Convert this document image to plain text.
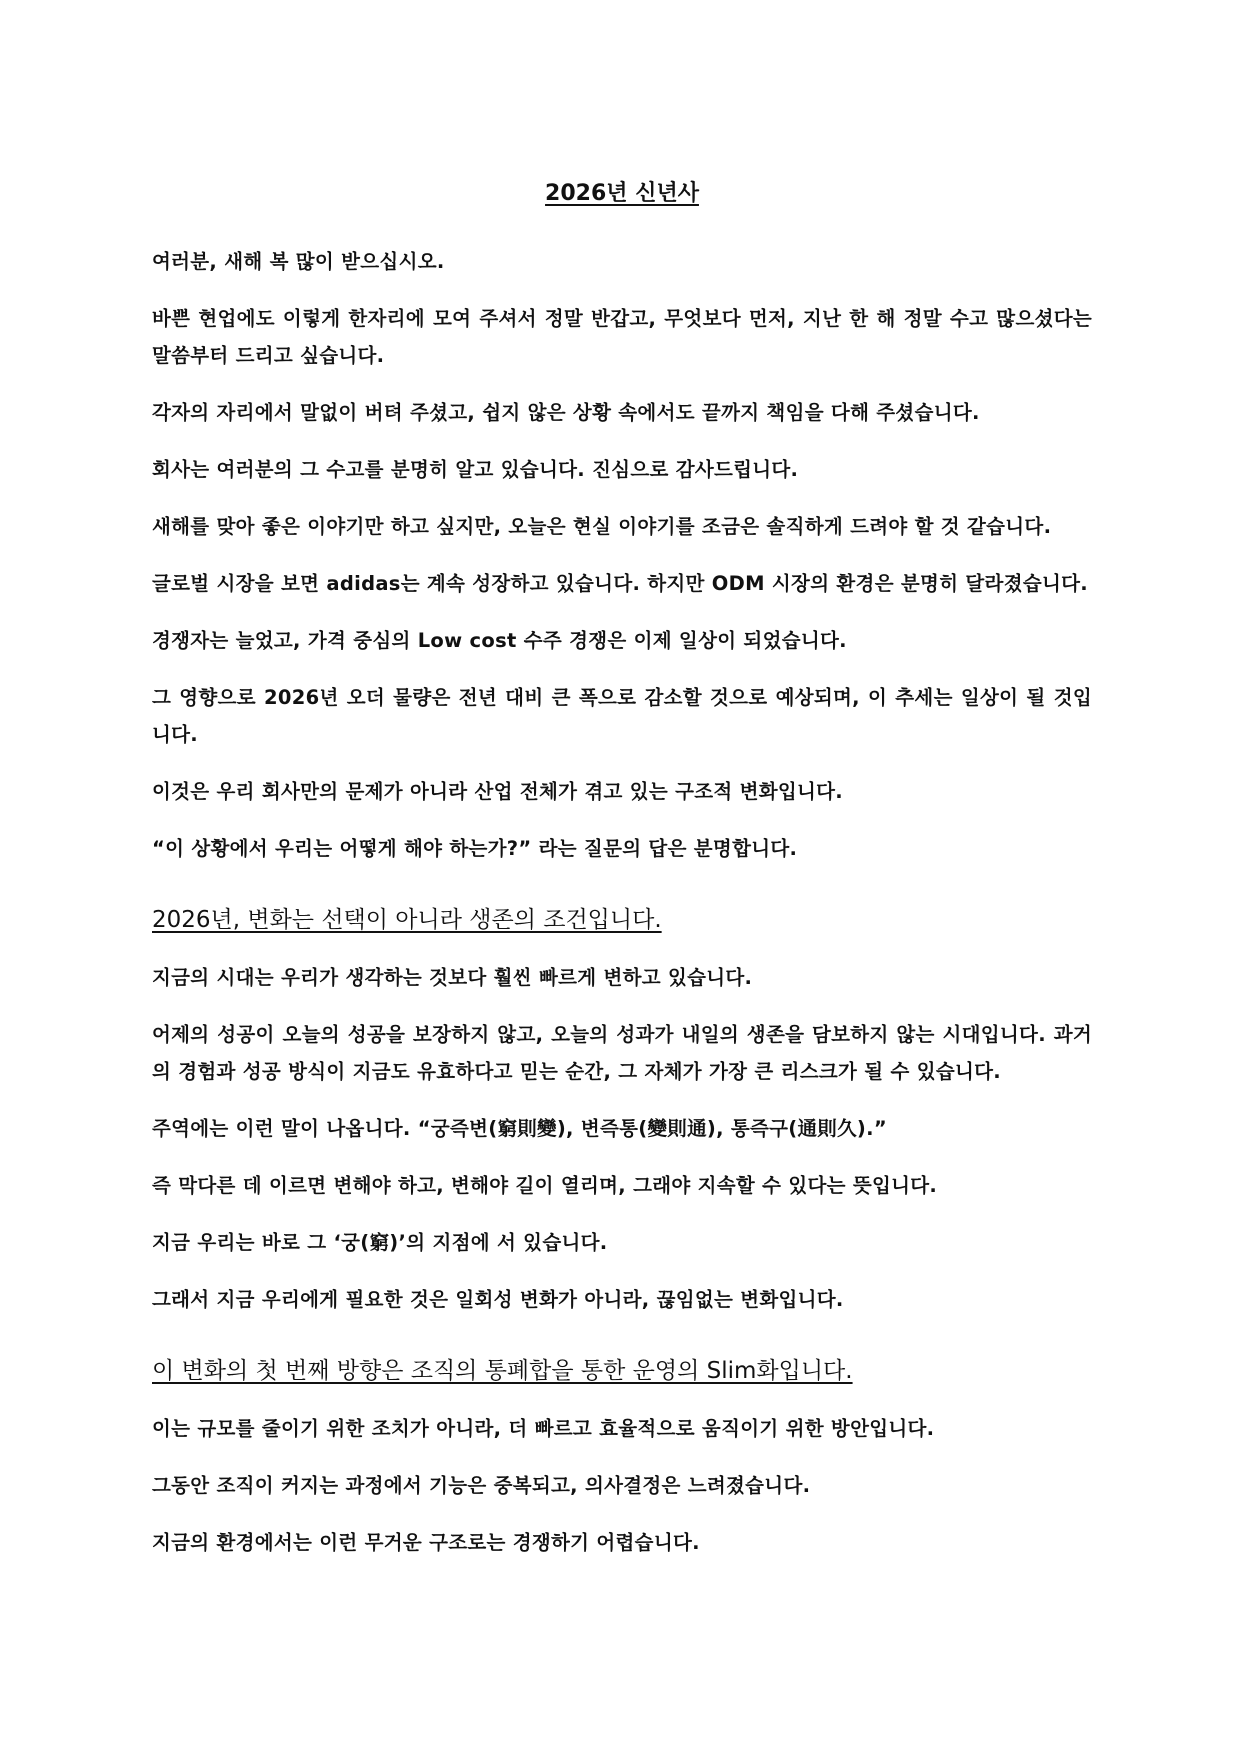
2026년 신년사

여러분, 새해 복 많이 받으십시오.

바쁜 현업에도 이렇게 한자리에 모여 주셔서 정말 반갑고, 무엇보다 먼저, 지난 한 해 정말 수고 많으셨다는 말씀부터 드리고 싶습니다.

각자의 자리에서 말없이 버텨 주셨고, 쉽지 않은 상황 속에서도 끝까지 책임을 다해 주셨습니다.

회사는 여러분의 그 수고를 분명히 알고 있습니다. 진심으로 감사드립니다.

새해를 맞아 좋은 이야기만 하고 싶지만, 오늘은 현실 이야기를 조금은 솔직하게 드려야 할 것 같습니다.

글로벌 시장을 보면 adidas는 계속 성장하고 있습니다. 하지만 ODM 시장의 환경은 분명히 달라졌습니다.

경쟁자는 늘었고, 가격 중심의 Low cost 수주 경쟁은 이제 일상이 되었습니다.

그 영향으로 2026년 오더 물량은 전년 대비 큰 폭으로 감소할 것으로 예상되며, 이 추세는 일상이 될 것입니다.

이것은 우리 회사만의 문제가 아니라 산업 전체가 겪고 있는 구조적 변화입니다.

“이 상황에서 우리는 어떻게 해야 하는가?” 라는 질문의 답은 분명합니다.

2026년, 변화는 선택이 아니라 생존의 조건입니다.

지금의 시대는 우리가 생각하는 것보다 훨씬 빠르게 변하고 있습니다.

어제의 성공이 오늘의 성공을 보장하지 않고, 오늘의 성과가 내일의 생존을 담보하지 않는 시대입니다. 과거의 경험과 성공 방식이 지금도 유효하다고 믿는 순간, 그 자체가 가장 큰 리스크가 될 수 있습니다.

주역에는 이런 말이 나옵니다. “궁즉변(窮則變), 변즉통(變則通), 통즉구(通則久).”

즉 막다른 데 이르면 변해야 하고, 변해야 길이 열리며, 그래야 지속할 수 있다는 뜻입니다.

지금 우리는 바로 그 ‘궁(窮)’의 지점에 서 있습니다.

그래서 지금 우리에게 필요한 것은 일회성 변화가 아니라, 끊임없는 변화입니다.

이 변화의 첫 번째 방향은 조직의 통폐합을 통한 운영의 Slim화입니다.

이는 규모를 줄이기 위한 조치가 아니라, 더 빠르고 효율적으로 움직이기 위한 방안입니다.

그동안 조직이 커지는 과정에서 기능은 중복되고, 의사결정은 느려졌습니다.

지금의 환경에서는 이런 무거운 구조로는 경쟁하기 어렵습니다.
